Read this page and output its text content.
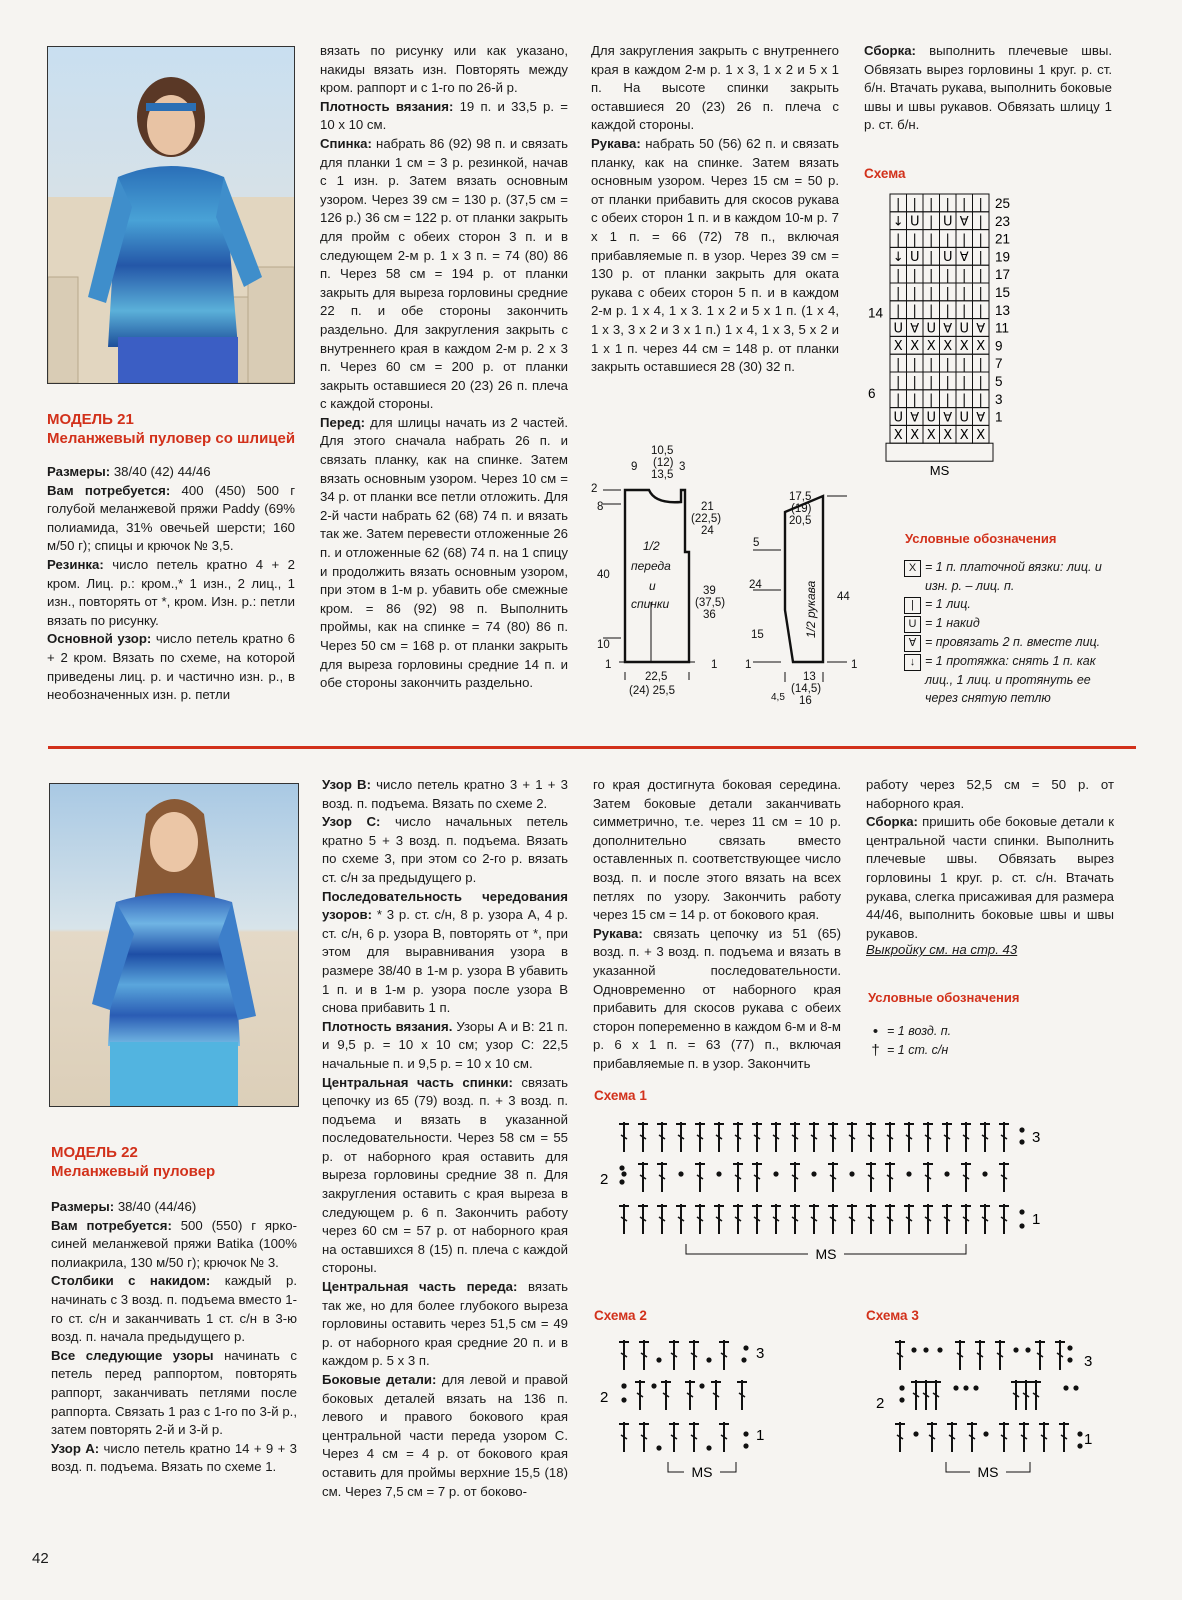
МОДЕЛЬ 21
Меланжевый пуловер со шлицей

Размеры: 38/40 (42) 44/46

Вам потребуется: 400 (450) 500 г голубой меланжевой пряжи Paddy (69% полиамида, 31% овечьей шерсти; 160 м/50 г); спицы и крючок № 3,5.

Резинка: число петель кратно 4 + 2 кром. Лиц. р.: кром.,* 1 изн., 2 лиц., 1 изн., повторять от *, кром. Изн. р.: петли вязать по рисунку.

Основной узор: число петель кратно 6 + 2 кром. Вязать по схеме, на которой приведены лиц. р. и частично изн. р., в необозначенных изн. р. петли

вязать по рисунку или как указано, накиды вязать изн. Повторять между кром. раппорт и с 1-го по 26-й р.

Плотность вязания: 19 п. и 33,5 р. = 10 х 10 см.

Спинка: набрать 86 (92) 98 п. и связать для планки 1 см = 3 р. резинкой, начав с 1 изн. р. Затем вязать основным узором. Через 39 см = 130 р. (37,5 см = 126 р.) 36 см = 122 р. от планки закрыть для пройм с обеих сторон 3 п. и в следующем 2-м р. 1 х 3 п. = 74 (80) 86 п. Через 58 см = 194 р. от планки закрыть для выреза горловины средние 22 п. и обе стороны закончить раздельно. Для закругления закрыть с внутреннего края в каждом 2-м р. 2 х 3 п. Через 60 см = 200 р. от планки закрыть оставшиеся 20 (23) 26 п. плеча с каждой стороны.

Перед: для шлицы начать из 2 частей. Для этого сначала набрать 26 п. и связать планку, как на спинке. Затем вязать основным узором. Через 10 см = 34 р. от планки все петли отложить. Для 2-й части набрать 62 (68) 74 п. и вязать так же. Затем перевести отложенные 26 п. и отложенные 62 (68) 74 п. на 1 спицу и продолжить вязать основным узором, при этом в 1-м р. убавить обе смежные кром. = 86 (92) 98 п. Выполнить проймы, как на спинке = 74 (80) 86 п. Через 50 см = 168 р. от планки закрыть для выреза горловины средние 14 п. и обе стороны закончить раздельно.

Для закругления закрыть с внутреннего края в каждом 2-м р. 1 х 3, 1 х 2 и 5 х 1 п. На высоте спинки закрыть оставшиеся 20 (23) 26 п. плеча с каждой стороны.

Рукава: набрать 50 (56) 62 п. и связать планку, как на спинке. Затем вязать основным узором. Через 15 см = 50 р. от планки прибавить для скосов рукава с обеих сторон 1 п. и в каждом 10-м р. 7 х 1 п. = 66 (72) 78 п., включая прибавляемые п. в узор. Через 39 см = 130 р. от планки закрыть для оката рукава с обеих сторон 5 п. и в каждом 2-м р. 1 х 4, 1 х 3. 1 х 2 и 5 х 1 п. (1 х 4, 1 х 3, 3 х 2 и 3 х 1 п.) 1 х 4, 1 х 3, 5 х 2 и 1 х 1 п. через 44 см = 148 р. от планки закрыть оставшиеся 28 (30) 32 п.

Сборка: выполнить плечевые швы. Обвязать вырез горловины 1 круг. р. ст. б/н. Втачать рукава, выполнить боковые швы и швы рукавов. Обвязать шлицу 1 р. ст. б/н.

Схема
| | | | | |
↓ U | U ∀ |
| | | | | |
↓ U | U ∀ |
| | | | | |
| | | | | |
| | | | | |
U ∀ U ∀ U ∀
X X X X X X
| | | | | |
| | | | | |
| | | | | |
U ∀ U ∀ U ∀
X X X X X X
MS
25
23
21
19
17
15
13
11
9
7
5
3
1
14
6
10,5
(12)
13,5
9	3
2
8	21
(22,5)
24
39
(37,5)
36
40
10
1	1
22,5
(24) 25,5
1/2
переда
и
спинки	1/2 рукава
17,5
(19)
20,5
5
24
15
44
1	1
13
(14,5)
16
4,5
Условные обозначения
X = 1 п. платочной вязки: лиц. и изн. р. – лиц. п.
| = 1 лиц.
U = 1 накид
∀ = провязать 2 п. вместе лиц.
↓ = 1 протяжка: снять 1 п. как лиц., 1 лиц. и протянуть ее через снятую петлю
МОДЕЛЬ 22
Меланжевый пуловер

Размеры: 38/40 (44/46)

Вам потребуется: 500 (550) г ярко-синей меланжевой пряжи Batika (100% полиакрила, 130 м/50 г); крючок № 3.

Столбики с накидом: каждый р. начинать с 3 возд. п. подъема вместо 1-го ст. с/н и заканчивать 1 ст. с/н в 3-ю возд. п. начала предыдущего р.

Все следующие узоры начинать с петель перед раппортом, повторять раппорт, заканчивать петлями после раппорта. Связать 1 раз с 1-го по 3-й р., затем повторять 2-й и 3-й р.

Узор А: число петель кратно 14 + 9 + 3 возд. п. подъема. Вязать по схеме 1.

Узор В: число петель кратно 3 + 1 + 3 возд. п. подъема. Вязать по схеме 2.

Узор С: число начальных петель кратно 5 + 3 возд. п. подъема. Вязать по схеме 3, при этом со 2-го р. вязать ст. с/н за предыдущего р.

Последовательность чередования узоров: * 3 р. ст. с/н, 8 р. узора А, 4 р. ст. с/н, 6 р. узора В, повторять от *, при этом для выравнивания узора в размере 38/40 в 1-м р. узора В убавить 1 п. и в 1-м р. узора после узора В снова прибавить 1 п.

Плотность вязания. Узоры А и В: 21 п. и 9,5 р. = 10 х 10 см; узор С: 22,5 начальные п. и 9,5 р. = 10 х 10 см.

Центральная часть спинки: связать цепочку из 65 (79) возд. п. + 3 возд. п. подъема и вязать в указанной последовательности. Через 58 см = 55 р. от наборного края оставить для выреза горловины средние 38 п. Для закругления оставить с края выреза в следующем р. 6 п. Закончить работу через 60 см = 57 р. от наборного края на оставшихся 8 (15) п. плеча с каждой стороны.

Центральная часть переда: вязать так же, но для более глубокого выреза горловины оставить через 51,5 см = 49 р. от наборного края средние 20 п. и в каждом р. 5 х 3 п.

Боковые детали: для левой и правой боковых деталей вязать на 136 п. левого и правого бокового края центральной части переда узором С. Через 4 см = 4 р. от бокового края оставить для проймы верхние 15,5 (18) см. Через 7,5 см = 7 р. от боково-

го края достигнута боковая середина. Затем боковые детали заканчивать симметрично, т.е. через 11 см = 10 р. дополнительно связать вместо оставленных п. соответствующее число возд. п. и после этого вязать на всех петлях по узору. Закончить работу через 15 см = 14 р. от бокового края.

Рукава: связать цепочку из 51 (65) возд. п. + 3 возд. п. подъема и вязать в указанной последовательности. Одновременно от наборного края прибавить для скосов рукава с обеих сторон попеременно в каждом 6-м и 8-м р. 6 х 1 п. = 63 (77) п., включая прибавляемые п. в узор. Закончить

работу через 52,5 см = 50 р. от наборного края.

Сборка: пришить обе боковые детали к центральной части спинки. Выполнить плечевые швы. Обвязать вырез горловины 1 круг. р. ст. с/н. Втачать рукава, слегка присаживая для размера 44/46, выполнить боковые швы и швы рукавов.

Выкройку см. на стр. 43
Условные обозначения
• = 1 возд. п.
† = 1 ст. с/н
Схема 1
3
2
1
MS
Схема 2
3
2
1
MS
Схема 3
3
2
1
MS
42
